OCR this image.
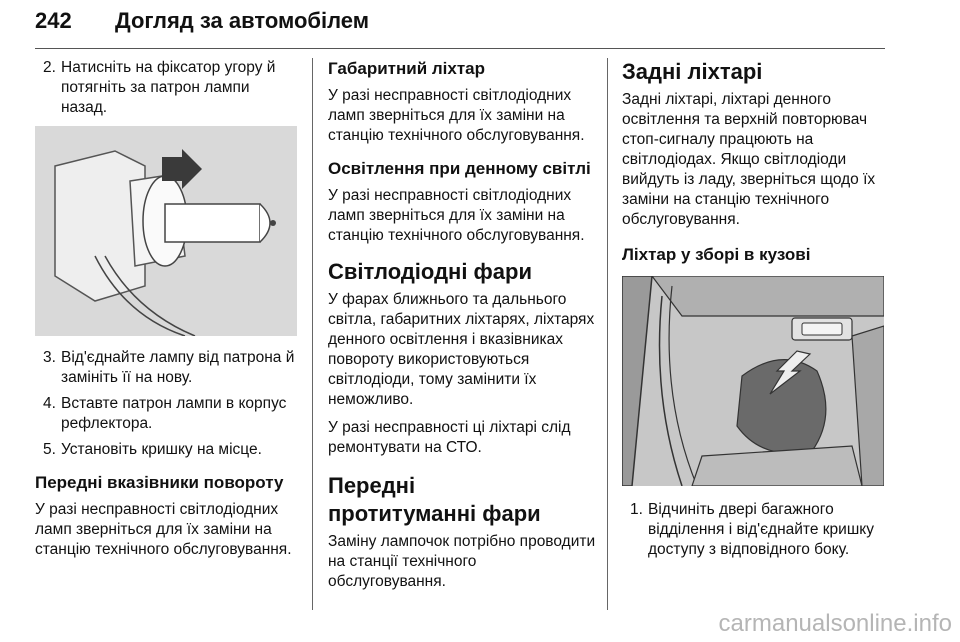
242 Догляд за автомобілем
2. Натисніть на фіксатор угору й потягніть за патрон лампи назад.
3. Від'єднайте лампу від патрона й замініть її на нову.
4. Вставте патрон лампи в корпус рефлектора.
5. Установіть кришку на місце.
Передні вказівники повороту

У разі несправності світлодіодних ламп зверніться для їх заміни на станцію технічного обслуговування.

Габаритний ліхтар

У разі несправності світлодіодних ламп зверніться для їх заміни на станцію технічного обслуговування.

Освітлення при денному світлі

У разі несправності світлодіодних ламп зверніться для їх заміни на станцію технічного обслуговування.

Світлодіодні фари

У фарах ближнього та дальнього світла, габаритних ліхтарях, ліхтарях денного освітлення і вказівниках повороту використовуються світлодіоди, тому замінити їх неможливо.

У разі несправності ці ліхтарі слід ремонтувати на СТО.

Передні протитуманні фари

Заміну лампочок потрібно проводити на станції технічного обслуговування.

Задні ліхтарі

Задні ліхтарі, ліхтарі денного освітлення та верхній повторювач стоп-сигналу працюють на світлодіодах. Якщо світлодіоди вийдуть із ладу, зверніться щодо їх заміни на станцію технічного обслуговування.

Ліхтар у зборі в кузові
1. Відчиніть двері багажного відділення і від'єднайте кришку доступу з відповідного боку.
carmanualsonline.info
